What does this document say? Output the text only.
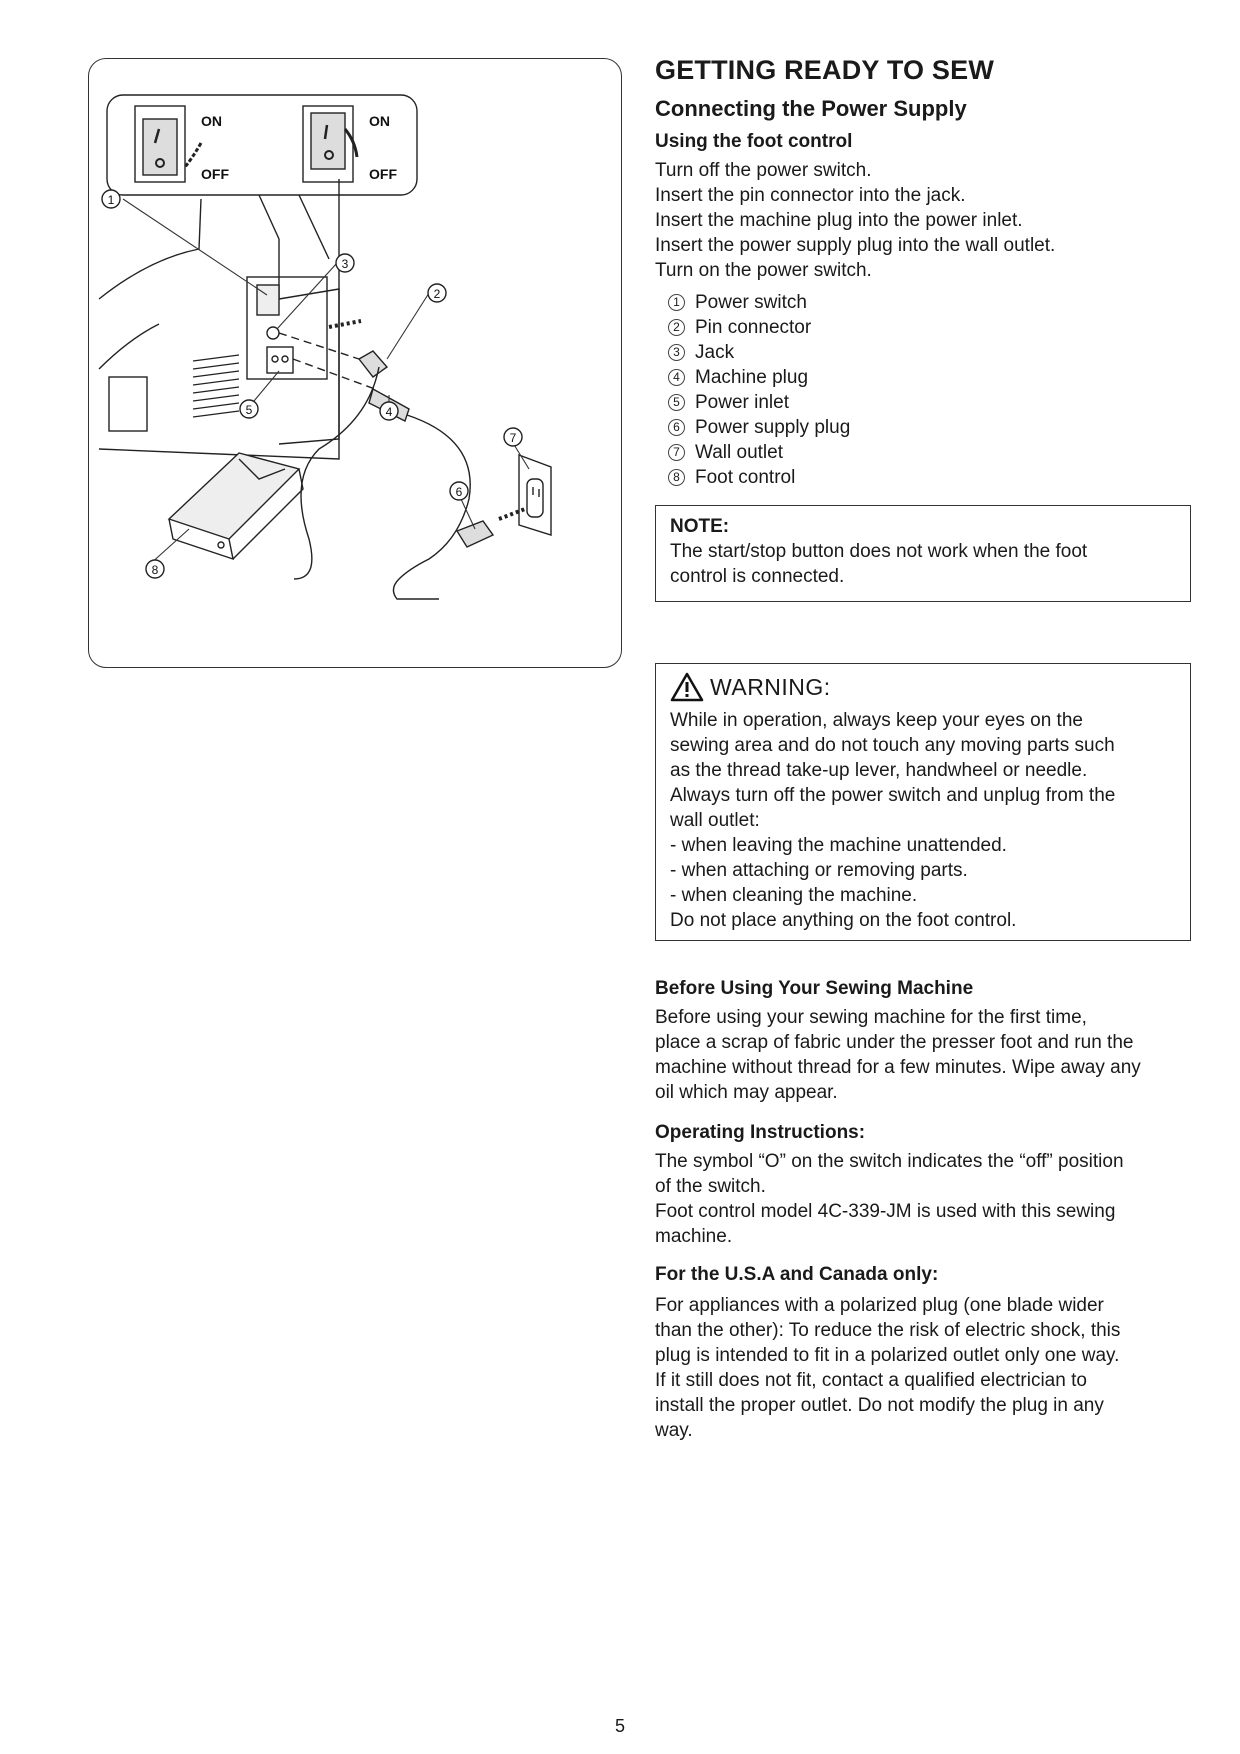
ON
OFF
ON
OFF
1
3
2
5	4
7
6
8
GETTING READY TO SEW
Connecting the Power Supply
Using the foot control
Turn off the power switch.
Insert the pin connector into the jack.
Insert the machine plug into the power inlet.
Insert the power supply plug into the wall outlet.
Turn on the power switch.
1 Power switch
2 Pin connector
3 Jack
4 Machine plug
5 Power inlet
6 Power supply plug
7 Wall outlet
8 Foot control
NOTE:
The start/stop button does not work when the foot
control is connected.
WARNING:
While in operation, always keep your eyes on the
sewing area and do not touch any moving parts such
as the thread take-up lever, handwheel or needle.
Always turn off the power switch and unplug from the
wall outlet:
- when leaving the machine unattended.
- when attaching or removing parts.
- when cleaning the machine.
Do not place anything on the foot control.
Before Using Your Sewing Machine
Before using your sewing machine for the first time,
place a scrap of fabric under the presser foot and run the
machine without thread for a few minutes. Wipe away any
oil which may appear.
Operating Instructions:
The symbol “O” on the switch indicates the “off” position
of the switch.
Foot control model 4C-339-JM is used with this sewing
machine.
For the U.S.A and Canada only:
For appliances with a polarized plug (one blade wider
than the other): To reduce the risk of electric shock, this
plug is intended to fit in a polarized outlet only one way.
If it still does not fit, contact a qualified electrician to
install the proper outlet. Do not modify the plug in any
way.
5
